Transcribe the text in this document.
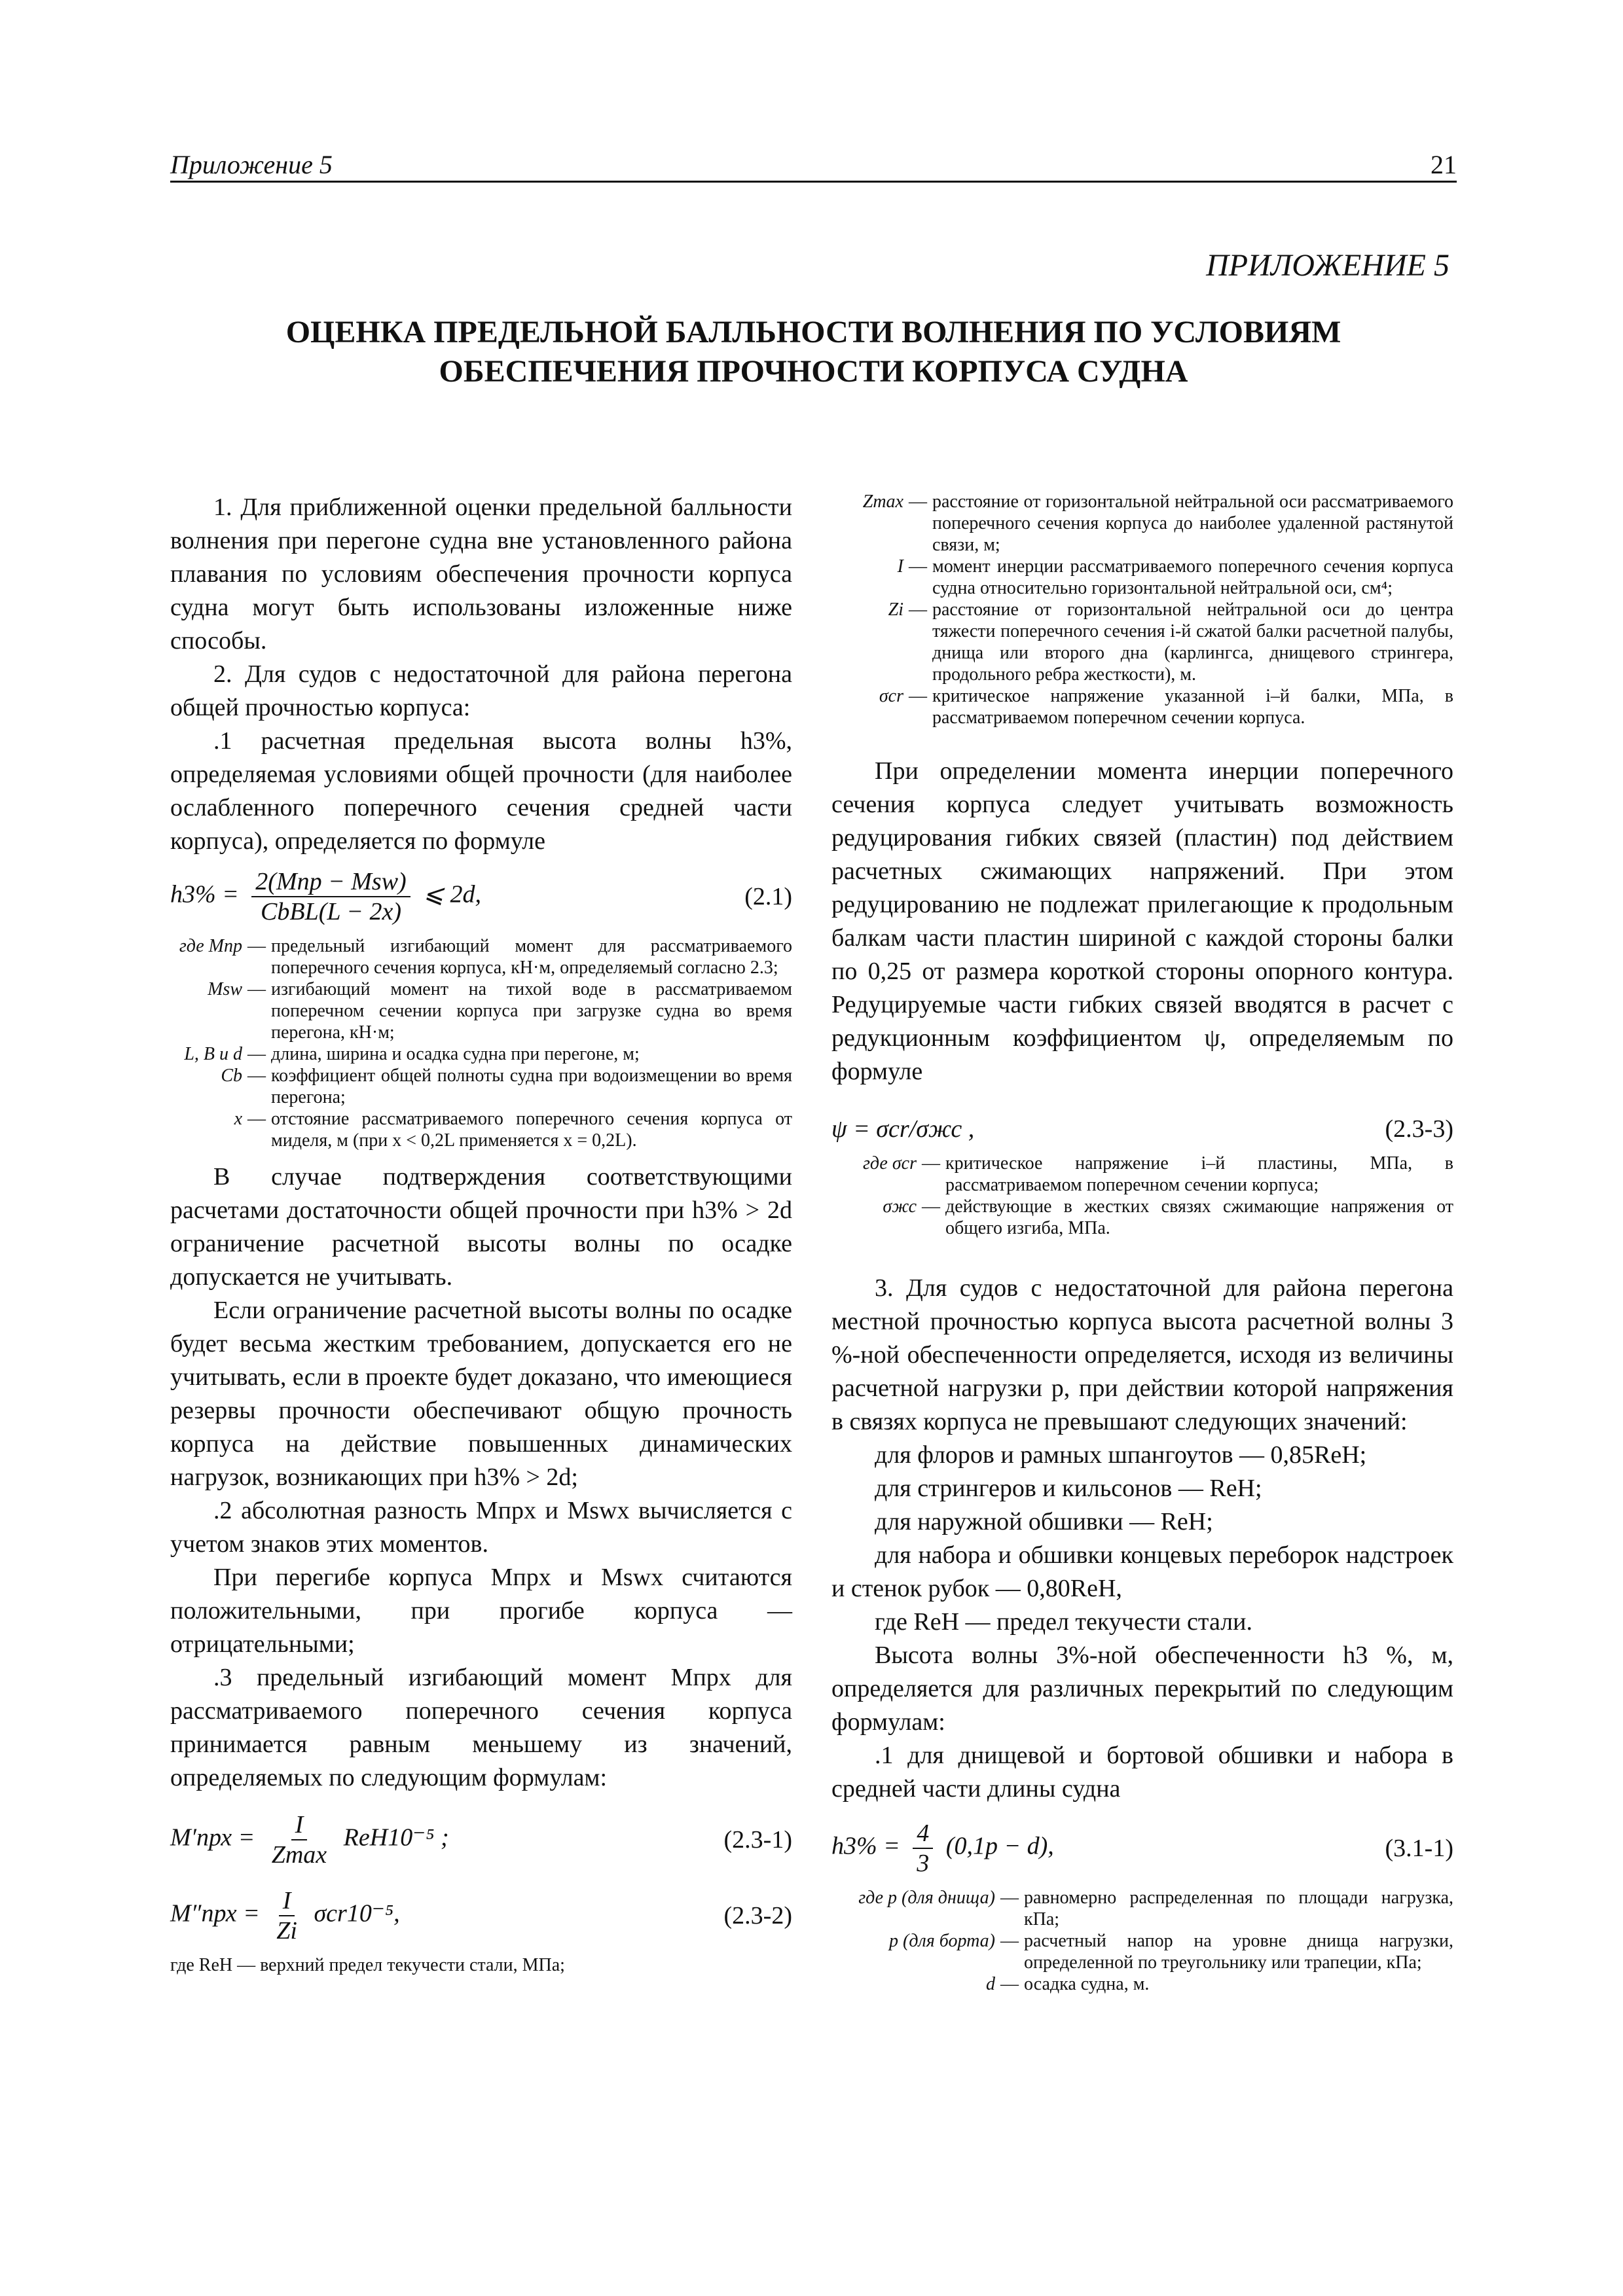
Приложение 5	21
ПРИЛОЖЕНИЕ 5
ОЦЕНКА ПРЕДЕЛЬНОЙ БАЛЛЬНОСТИ ВОЛНЕНИЯ ПО УСЛОВИЯМ
ОБЕСПЕЧЕНИЯ ПРОЧНОСТИ КОРПУСА СУДНА

1. Для приближенной оценки предельной балльности волнения при перегоне судна вне установленного района плавания по условиям обеспечения прочности корпуса судна могут быть использованы изложенные ниже способы.

2. Для судов с недостаточной для района перегона общей прочностью корпуса:

.1 расчетная предельная высота волны h3%, определяемая условиями общей прочности (для наиболее ослабленного поперечного сечения средней части корпуса), определяется по формуле

$h3\% = \frac{\text{2(Mпр − Msw)}}{\text{CbBL(L − 2x)}}$ ⩽ 2d,	(2.1)
где Mпр — предельный изгибающий момент для рассматриваемого поперечного сечения корпуса, кН·м, определяемый согласно 2.3;
Msw — изгибающий момент на тихой воде в рассматриваемом поперечном сечении корпуса при загрузке судна во время перегона, кН·м;
L, B и d — длина, ширина и осадка судна при перегоне, м;
Cb — коэффициент общей полноты судна при водоизмещении во время перегона;
x — отстояние рассматриваемого поперечного сечения корпуса от миделя, м (при x < 0,2L применяется x = 0,2L).

В случае подтверждения соответствующими расчетами достаточности общей прочности при h3% > 2d ограничение расчетной высоты волны по осадке допускается не учитывать.

Если ограничение расчетной высоты волны по осадке будет весьма жестким требованием, допускается его не учитывать, если в проекте будет доказано, что имеющиеся резервы прочности обеспечивают общую прочность корпуса на действие повышенных динамических нагрузок, возникающих при h3% > 2d;

.2 абсолютная разность Mпрх и Mswx вычисляется с учетом знаков этих моментов.

При перегибе корпуса Mпрх и Mswx считаются положительными, при прогибе корпуса — отрицательными;

.3 предельный изгибающий момент Mпрх для рассматриваемого поперечного сечения корпуса принимается равным меньшему из значений, определяемых по следующим формулам:

$M'прх = \frac{I}{Zmax} ReH10^{-5}$ ;	(2.3-1)
$M''прх = \frac{I}{Zi} \sigma cr10^{-5}$,	(2.3-2)

где ReH — верхний предел текучести стали, МПа;

Zmax — расстояние от горизонтальной нейтральной оси рассматриваемого поперечного сечения корпуса до наиболее удаленной растянутой связи, м;
I — момент инерции рассматриваемого поперечного сечения корпуса судна относительно горизонтальной нейтральной оси, см⁴;
Zi — расстояние от горизонтальной нейтральной оси до центра тяжести поперечного сечения i-й сжатой балки расчетной палубы, днища или второго дна (карлингса, днищевого стрингера, продольного ребра жесткости), м.
σcr — критическое напряжение указанной i–й балки, МПа, в рассматриваемом поперечном сечении корпуса.

При определении момента инерции поперечного сечения корпуса следует учитывать возможность редуцирования гибких связей (пластин) под действием расчетных сжимающих напряжений. При этом редуцированию не подлежат прилегающие к продольным балкам части пластин шириной с каждой стороны балки по 0,25 от размера короткой стороны опорного контура. Редуцируемые части гибких связей вводятся в расчет с редукционным коэффициентом ψ, определяемым по формуле

ψ = σcr/σжс ,	(2.3-3)
где σcr — критическое напряжение i–й пластины, МПа, в рассматриваемом поперечном сечении корпуса;
σжс — действующие в жестких связях сжимающие напряжения от общего изгиба, МПа.

3. Для судов с недостаточной для района перегона местной прочностью корпуса высота расчетной волны 3 %-ной обеспеченности определяется, исходя из величины расчетной нагрузки p, при действии которой напряжения в связях корпуса не превышают следующих значений:

для флоров и рамных шпангоутов — 0,85ReH;

для стрингеров и кильсонов — ReH;

для наружной обшивки — ReH;

для набора и обшивки концевых переборок надстроек и стенок рубок — 0,80ReH,

где ReH — предел текучести стали.

Высота волны 3%-ной обеспеченности h3 %, м, определяется для различных перекрытий по следующим формулам:

.1 для днищевой и бортовой обшивки и набора в средней части длины судна

$h3\% = \frac{4}{3} (0,1p - d)$,	(3.1-1)
где p (для днища) — равномерно распределенная по площади нагрузка, кПа;
p (для борта) — расчетный напор на уровне днища нагрузки, определенной по треугольнику или трапеции, кПа;
d — осадка судна, м.
